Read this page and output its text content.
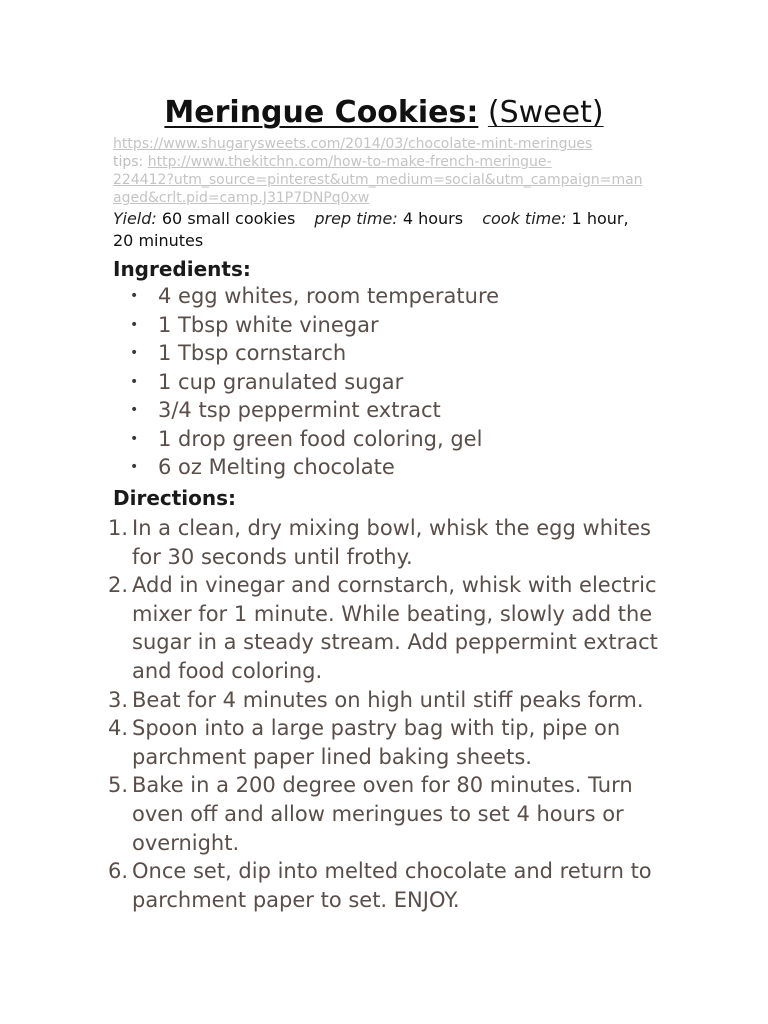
Meringue Cookies: (Sweet)
https://www.shugarysweets.com/2014/03/chocolate-mint-meringues
tips: http://www.thekitchn.com/how-to-make-french-meringue-
224412?utm_source=pinterest&utm_medium=social&utm_campaign=man
aged&crlt.pid=camp.J31P7DNPq0xw
Yield: 60 small cookies prep time: 4 hours cook time: 1 hour, 20 minutes
Ingredients:
• 4 egg whites, room temperature
• 1 Tbsp white vinegar
• 1 Tbsp cornstarch
• 1 cup granulated sugar
• 3/4 tsp peppermint extract
• 1 drop green food coloring, gel
• 6 oz Melting chocolate
Directions:
1. In a clean, dry mixing bowl, whisk the egg whites for 30 seconds until frothy.
2. Add in vinegar and cornstarch, whisk with electric mixer for 1 minute. While beating, slowly add the sugar in a steady stream. Add peppermint extract and food coloring.
3. Beat for 4 minutes on high until stiff peaks form.
4. Spoon into a large pastry bag with tip, pipe on parchment paper lined baking sheets.
5. Bake in a 200 degree oven for 80 minutes. Turn oven off and allow meringues to set 4 hours or overnight.
6. Once set, dip into melted chocolate and return to parchment paper to set. ENJOY.
